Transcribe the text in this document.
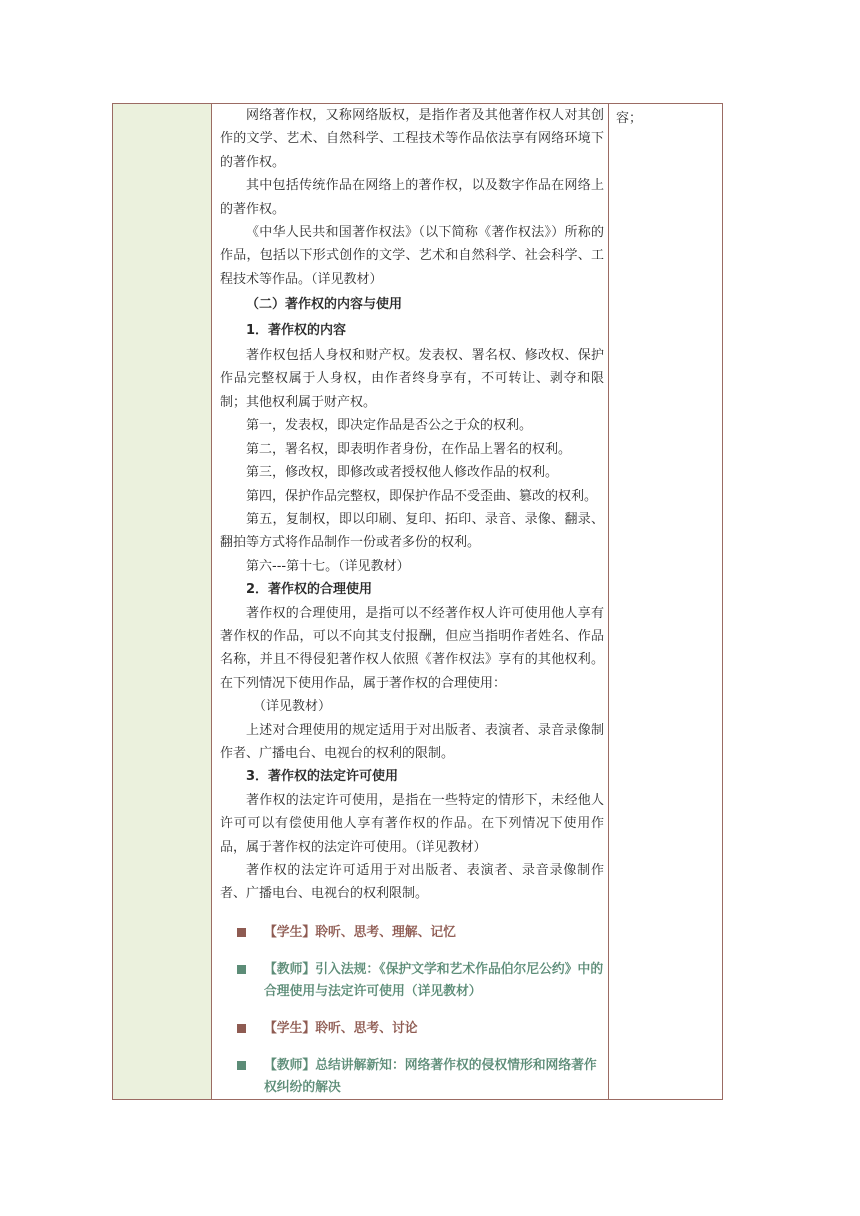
网络著作权，又称网络版权，是指作者及其他著作权人对其创作的文学、艺术、自然科学、工程技术等作品依法享有网络环境下的著作权。

其中包括传统作品在网络上的著作权，以及数字作品在网络上的著作权。

《中华人民共和国著作权法》（以下简称《著作权法》）所称的作品，包括以下形式创作的文学、艺术和自然科学、社会科学、工程技术等作品。（详见教材）

（二）著作权的内容与使用

1．著作权的内容

著作权包括人身权和财产权。发表权、署名权、修改权、保护作品完整权属于人身权，由作者终身享有，不可转让、剥夺和限制；其他权利属于财产权。

第一，发表权，即决定作品是否公之于众的权利。

第二，署名权，即表明作者身份，在作品上署名的权利。

第三，修改权，即修改或者授权他人修改作品的权利。

第四，保护作品完整权，即保护作品不受歪曲、篡改的权利。

第五，复制权，即以印刷、复印、拓印、录音、录像、翻录、翻拍等方式将作品制作一份或者多份的权利。

第六---第十七。（详见教材）

2．著作权的合理使用

著作权的合理使用，是指可以不经著作权人许可使用他人享有著作权的作品，可以不向其支付报酬，但应当指明作者姓名、作品名称，并且不得侵犯著作权人依照《著作权法》享有的其他权利。在下列情况下使用作品，属于著作权的合理使用：

（详见教材）

上述对合理使用的规定适用于对出版者、表演者、录音录像制作者、广播电台、电视台的权利的限制。

3．著作权的法定许可使用

著作权的法定许可使用，是指在一些特定的情形下，未经他人许可可以有偿使用他人享有著作权的作品。在下列情况下使用作品，属于著作权的法定许可使用。（详见教材）

著作权的法定许可适用于对出版者、表演者、录音录像制作者、广播电台、电视台的权利限制。

【学生】聆听、思考、理解、记忆
【教师】引入法规：《保护文学和艺术作品伯尔尼公约》中的合理使用与法定许可使用（详见教材）
【学生】聆听、思考、讨论
【教师】总结讲解新知：网络著作权的侵权情形和网络著作权纠纷的解决
容；
